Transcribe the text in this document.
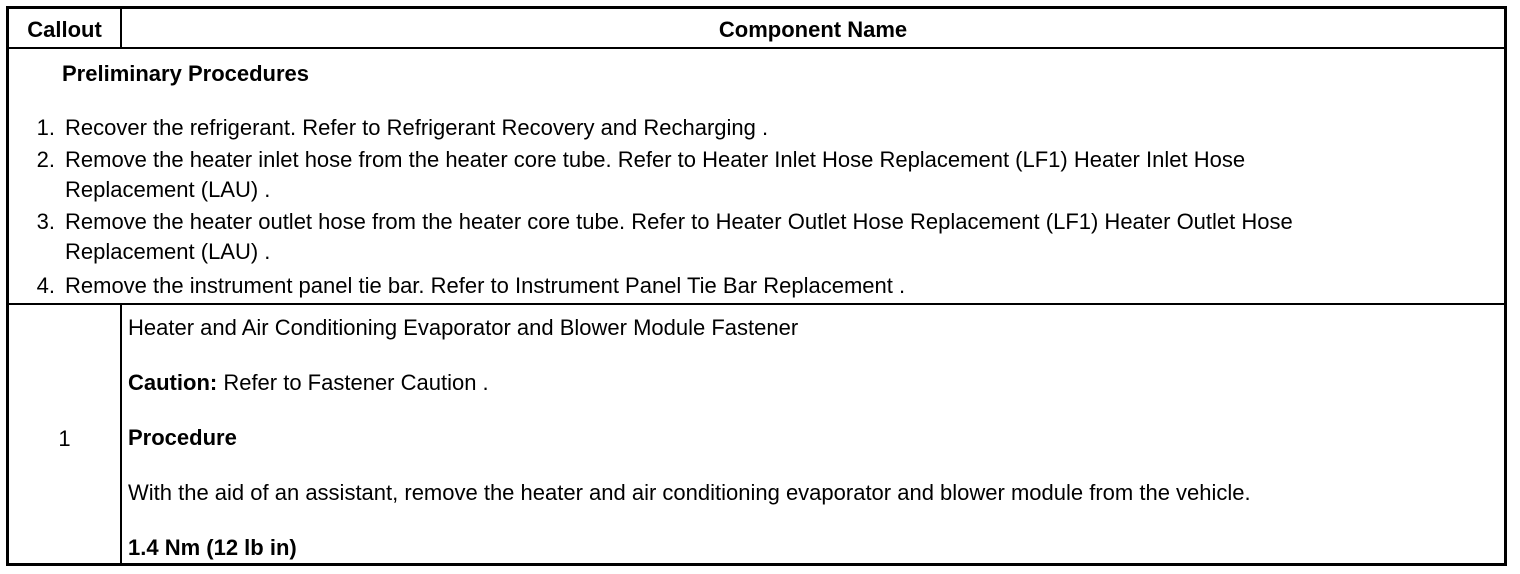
Callout	Component Name
Preliminary Procedures
1. Recover the refrigerant. Refer to Refrigerant Recovery and Recharging .
2. Remove the heater inlet hose from the heater core tube. Refer to Heater Inlet Hose Replacement (LF1) Heater Inlet Hose
Replacement (LAU) .
3. Remove the heater outlet hose from the heater core tube. Refer to Heater Outlet Hose Replacement (LF1) Heater Outlet Hose
Replacement (LAU) .
4. Remove the instrument panel tie bar. Refer to Instrument Panel Tie Bar Replacement .
1
Heater and Air Conditioning Evaporator and Blower Module Fastener
Caution: Refer to Fastener Caution .
Procedure
With the aid of an assistant, remove the heater and air conditioning evaporator and blower module from the vehicle.
1.4 Nm (12 lb in)
